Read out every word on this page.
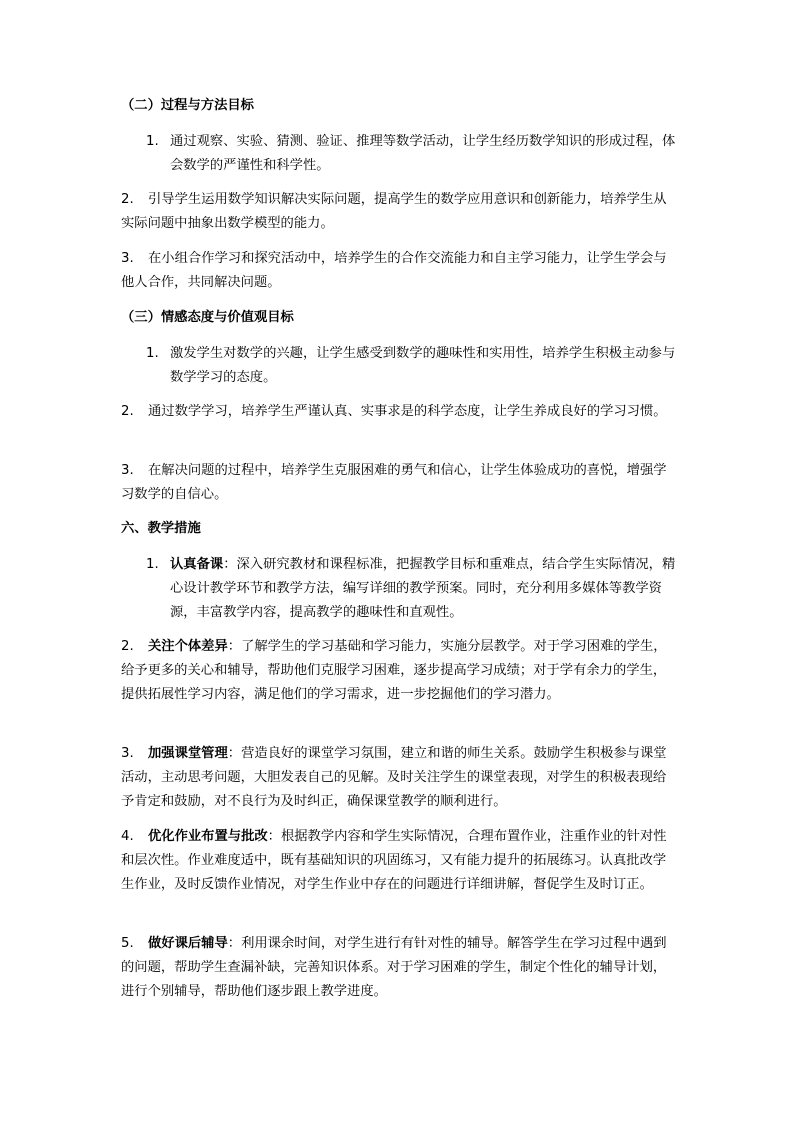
（二）过程与方法目标
1. 通过观察、实验、猜测、验证、推理等数学活动，让学生经历数学知识的形成过程，体会数学的严谨性和科学性。
2. 引导学生运用数学知识解决实际问题，提高学生的数学应用意识和创新能力，培养学生从实际问题中抽象出数学模型的能力。
3. 在小组合作学习和探究活动中，培养学生的合作交流能力和自主学习能力，让学生学会与他人合作，共同解决问题。
（三）情感态度与价值观目标
1. 激发学生对数学的兴趣，让学生感受到数学的趣味性和实用性，培养学生积极主动参与数学学习的态度。
2. 通过数学学习，培养学生严谨认真、实事求是的科学态度，让学生养成良好的学习习惯。
3. 在解决问题的过程中，培养学生克服困难的勇气和信心，让学生体验成功的喜悦，增强学习数学的自信心。
六、教学措施
1. 认真备课：深入研究教材和课程标准，把握教学目标和重难点，结合学生实际情况，精心设计教学环节和教学方法，编写详细的教学预案。同时，充分利用多媒体等教学资源，丰富教学内容，提高教学的趣味性和直观性。
2. 关注个体差异：了解学生的学习基础和学习能力，实施分层教学。对于学习困难的学生，给予更多的关心和辅导，帮助他们克服学习困难，逐步提高学习成绩；对于学有余力的学生，提供拓展性学习内容，满足他们的学习需求，进一步挖掘他们的学习潜力。
3. 加强课堂管理：营造良好的课堂学习氛围，建立和谐的师生关系。鼓励学生积极参与课堂活动，主动思考问题，大胆发表自己的见解。及时关注学生的课堂表现，对学生的积极表现给予肯定和鼓励，对不良行为及时纠正，确保课堂教学的顺利进行。
4. 优化作业布置与批改：根据教学内容和学生实际情况，合理布置作业，注重作业的针对性和层次性。作业难度适中，既有基础知识的巩固练习，又有能力提升的拓展练习。认真批改学生作业，及时反馈作业情况，对学生作业中存在的问题进行详细讲解，督促学生及时订正。
5. 做好课后辅导：利用课余时间，对学生进行有针对性的辅导。解答学生在学习过程中遇到的问题，帮助学生查漏补缺，完善知识体系。对于学习困难的学生，制定个性化的辅导计划，进行个别辅导，帮助他们逐步跟上教学进度。
